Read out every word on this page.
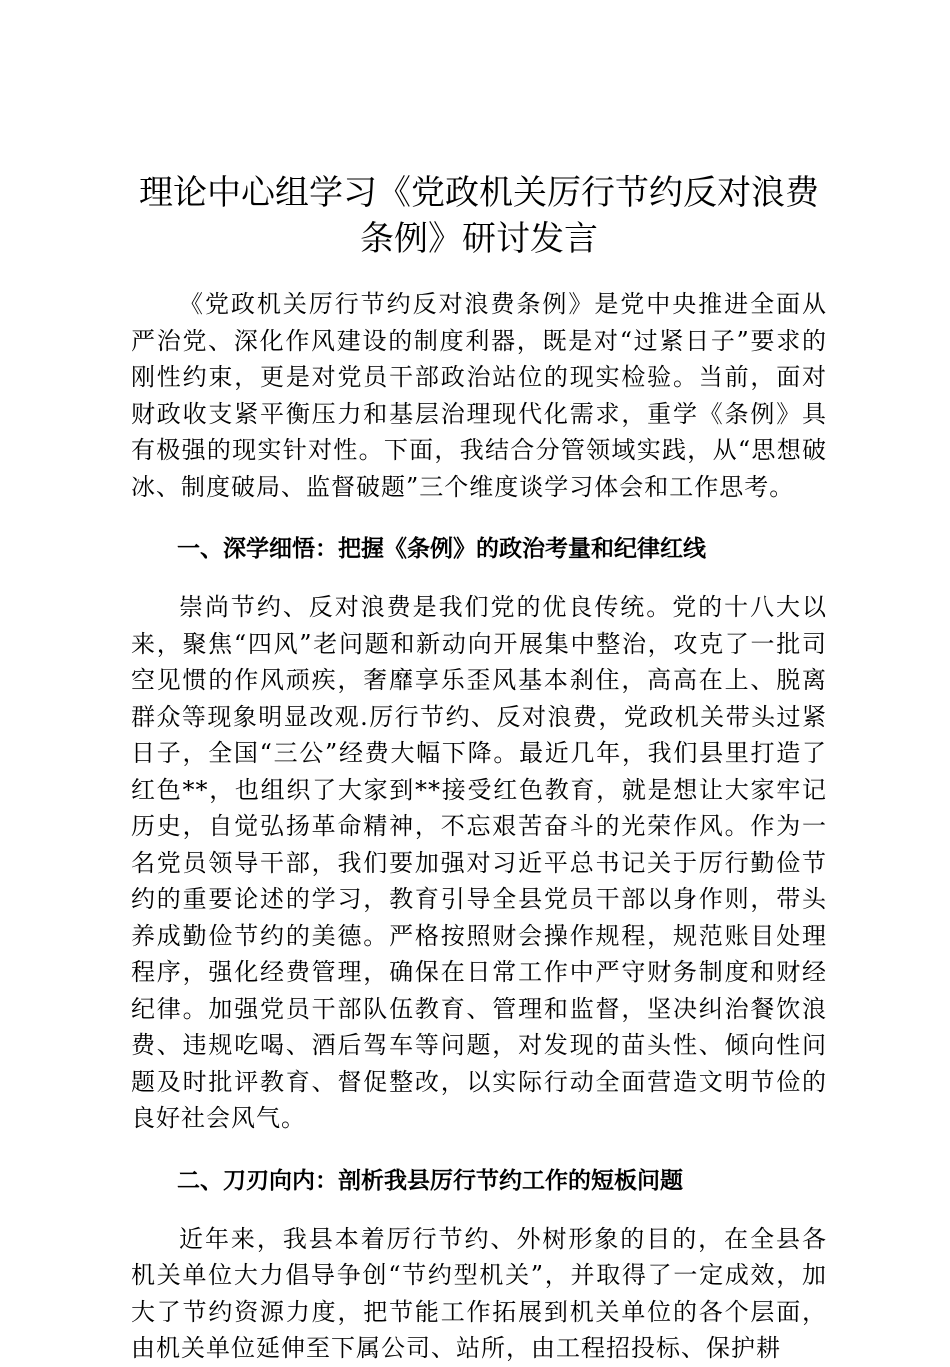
理论中心组学习《党政机关厉行节约反对浪费条例》研讨发言

《党政机关厉行节约反对浪费条例》是党中央推进全面从严治党、深化作风建设的制度利器，既是对“过紧日子”要求的刚性约束，更是对党员干部政治站位的现实检验。当前，面对财政收支紧平衡压力和基层治理现代化需求，重学《条例》具有极强的现实针对性。下面，我结合分管领域实践，从“思想破冰、制度破局、监督破题”三个维度谈学习体会和工作思考。

一、深学细悟：把握《条例》的政治考量和纪律红线

崇尚节约、反对浪费是我们党的优良传统。党的十八大以来，聚焦“四风”老问题和新动向开展集中整治，攻克了一批司空见惯的作风顽疾，奢靡享乐歪风基本刹住，高高在上、脱离群众等现象明显改观.厉行节约、反对浪费，党政机关带头过紧日子，全国“三公”经费大幅下降。最近几年，我们县里打造了红色**，也组织了大家到**接受红色教育，就是想让大家牢记历史，自觉弘扬革命精神，不忘艰苦奋斗的光荣作风。作为一名党员领导干部，我们要加强对习近平总书记关于厉行勤俭节约的重要论述的学习，教育引导全县党员干部以身作则，带头养成勤俭节约的美德。严格按照财会操作规程，规范账目处理程序，强化经费管理，确保在日常工作中严守财务制度和财经纪律。加强党员干部队伍教育、管理和监督，坚决纠治餐饮浪费、违规吃喝、酒后驾车等问题，对发现的苗头性、倾向性问题及时批评教育、督促整改，以实际行动全面营造文明节俭的良好社会风气。

二、刀刃向内：剖析我县厉行节约工作的短板问题

近年来，我县本着厉行节约、外树形象的目的，在全县各机关单位大力倡导争创“节约型机关”，并取得了一定成效，加大了节约资源力度，把节能工作拓展到机关单位的各个层面，由机关单位延伸至下属公司、站所，由工程招投标、保护耕
